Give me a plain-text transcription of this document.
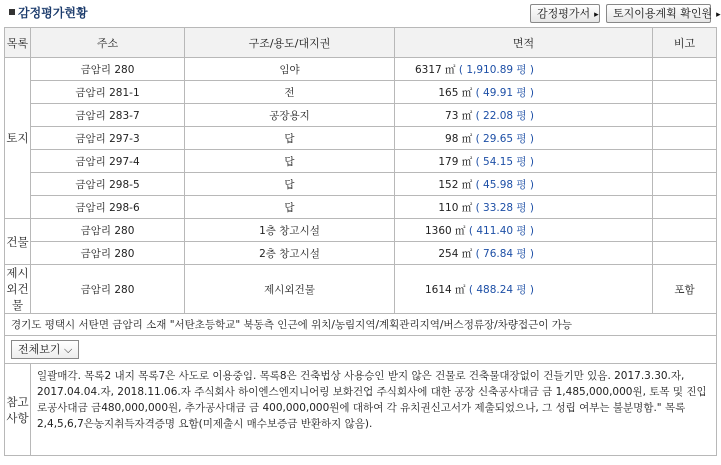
감정평가현황	감정평가서 ▸	토지이용계획 확인원 ▸
목록	주소	구조/용도/대지권	면적	비고
토지	금암리 280	임야	6317 ㎡ ( 1,910.89 평 )	
	금암리 281-1	전	165 ㎡ ( 49.91 평 )	
	금암리 283-7	공장용지	73 ㎡ ( 22.08 평 )	
	금암리 297-3	답	98 ㎡ ( 29.65 평 )	
	금암리 297-4	답	179 ㎡ ( 54.15 평 )	
	금암리 298-5	답	152 ㎡ ( 45.98 평 )	
	금암리 298-6	답	110 ㎡ ( 33.28 평 )	
건물	금암리 280	1층 창고시설	1360 ㎡ ( 411.40 평 )	
	금암리 280	2층 창고시설	254 ㎡ ( 76.84 평 )	
제시외건물	금암리 280	제시외건물	1614 ㎡ ( 488.24 평 )	포함
경기도 평택시 서탄면 금암리 소재 "서탄초등학교" 북동측 인근에 위치/농림지역/계획관리지역/버스정류장/차량접근이 가능				
전체보기 ⌵				
참고사항	일괄매각. 목록2 내지 목록7은 사도로 이용중임. 목록8은 건축법상 사용승인 받지 않은 건물로 건축물대장없이 건들기만 있음. 2017.3.30.자, 2017.04.04.자, 2018.11.06.자 주식회사 하이엔스엔지니어링 보화건업 주식회사에 대한 공장 신축공사대금 금 1,485,000,000원, 토목 및 진입로공사대금 금480,000,000원, 추가공사대금 금 400,000,000원에 대하여 각 유치권신고서가 제출되었으나, 그 성립 여부는 불분명함." 목록2,4,5,6,7은농지취득자격증명 요함(미제출시 매수보증금 반환하지 않음).			
